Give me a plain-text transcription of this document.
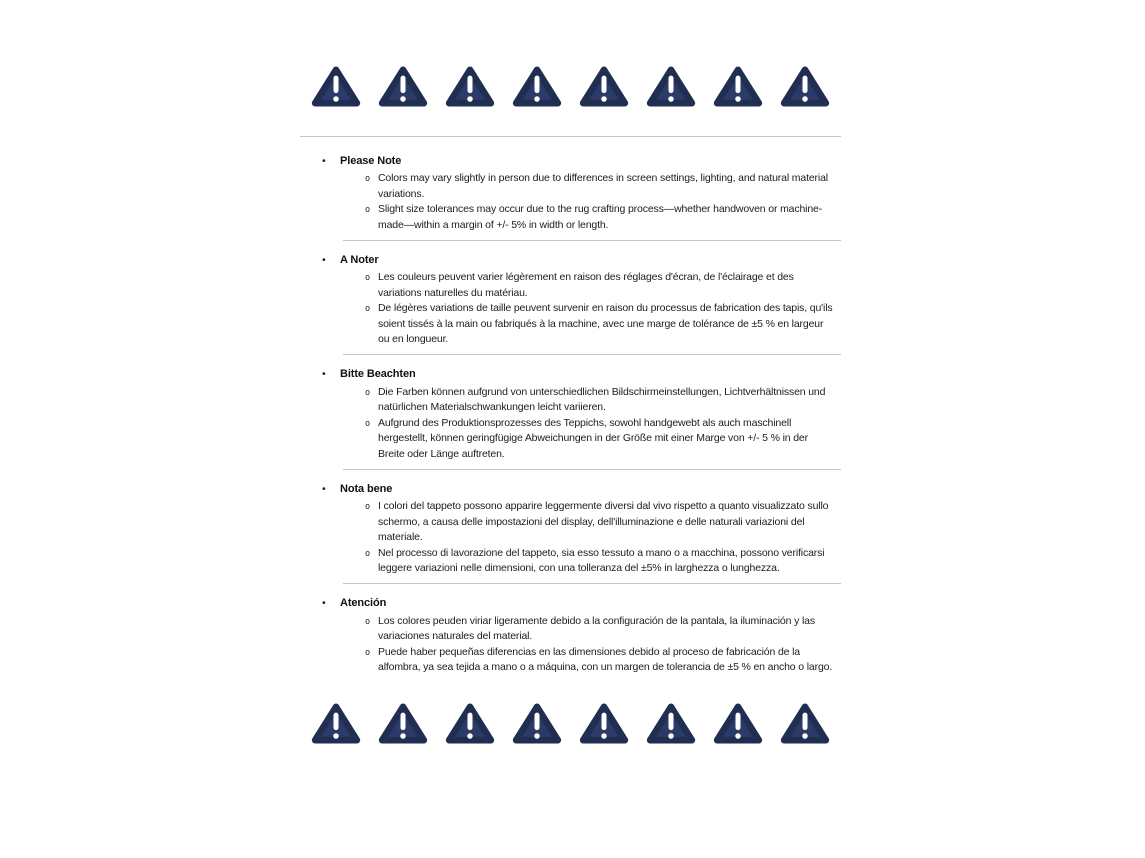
•	Please Note
o Colors may vary slightly in person due to differences in screen settings, lighting, and natural material variations.

o Slight size tolerances may occur due to the rug crafting process—whether handwoven or machine-made—within a margin of +/- 5% in width or length.

•	A Noter
o Les couleurs peuvent varier légèrement en raison des réglages d'écran, de l'éclairage et des variations naturelles du matériau.

o De légères variations de taille peuvent survenir en raison du processus de fabrication des tapis, qu'ils soient tissés à la main ou fabriqués à la machine, avec une marge de tolérance de ±5 % en largeur ou en longueur.

•	Bitte Beachten
o Die Farben können aufgrund von unterschiedlichen Bildschirmeinstellungen, Lichtverhältnissen und natürlichen Materialschwankungen leicht variieren.

o Aufgrund des Produktionsprozesses des Teppichs, sowohl handgewebt als auch maschinell hergestellt, können geringfügige Abweichungen in der Größe mit einer Marge von +/- 5 % in der Breite oder Länge auftreten.

•	Nota bene
o I colori del tappeto possono apparire leggermente diversi dal vivo rispetto a quanto visualizzato sullo schermo, a causa delle impostazioni del display, dell'illuminazione e delle naturali variazioni del materiale.

o Nel processo di lavorazione del tappeto, sia esso tessuto a mano o a macchina, possono verificarsi leggere variazioni nelle dimensioni, con una tolleranza del ±5% in larghezza o lunghezza.

•	Atención
o Los colores peuden viriar ligeramente debido a la configuración de la pantala, la iluminación y las variaciones naturales del material.

o Puede haber pequeñas diferencias en las dimensiones debido al proceso de fabricación de la alfombra, ya sea tejida a mano o a máquina, con un margen de tolerancia de ±5 % en ancho o largo.
